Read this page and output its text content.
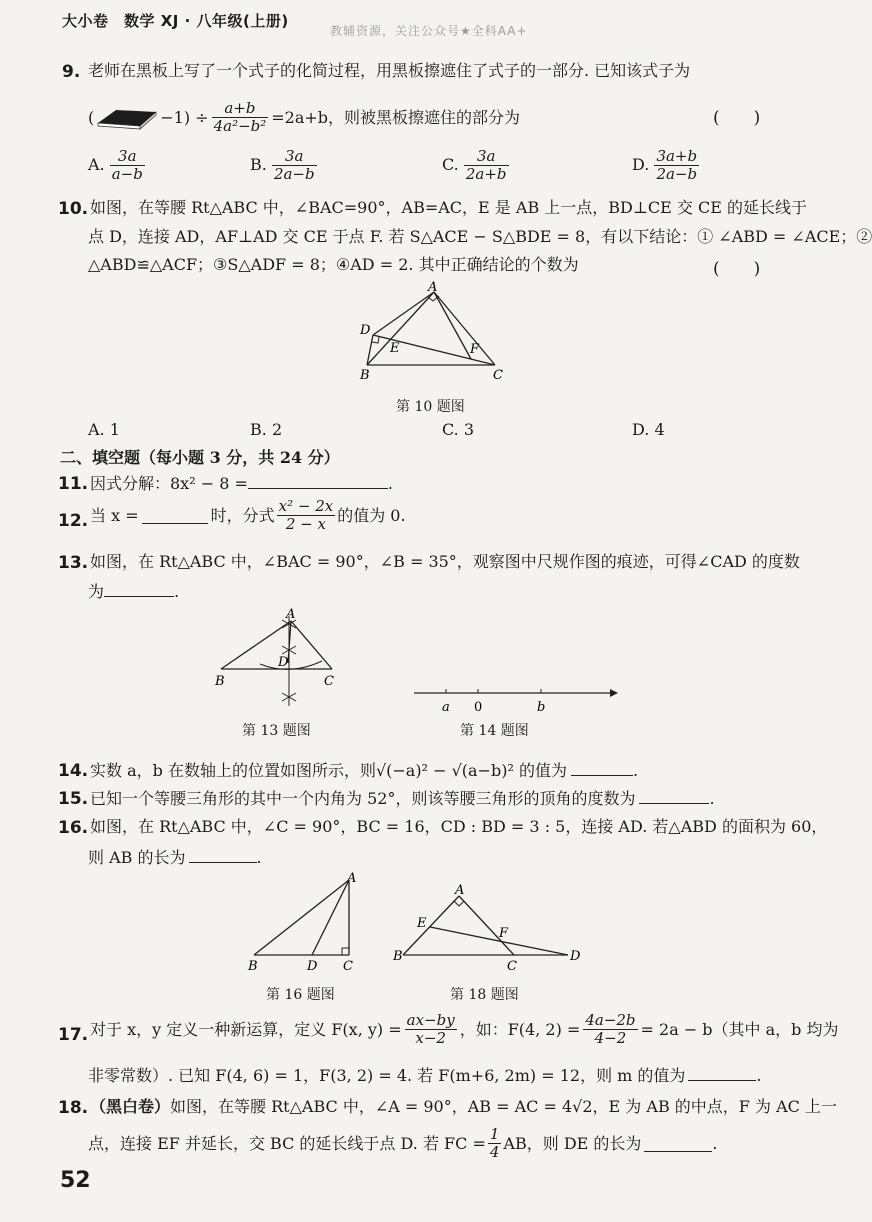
大小卷　数学 XJ · 八年级(上册)
教辅资源，关注公众号★全科AA+
9. 老师在黑板上写了一个式子的化简过程，用黑板擦遮住了式子的一部分. 已知该式子为
(	$-1) \div \frac{a+b}{\text{4a²−b²}} =2a+b$，则被黑板擦遮住的部分为	(　　)
A. $\frac{3a}{a-b}$	B. $\frac{3a}{2a-b}$	C. $\frac{3a}{2a+b}$	D. $\frac{3a+b}{2a-b}$
10. 如图，在等腰 Rt△ABC 中，∠BAC=90°，AB=AC，E 是 AB 上一点，BD⊥CE 交 CE 的延长线于
点 D，连接 AD，AF⊥AD 交 CE 于点 F. 若 S△ACE − S△BDE = 8，有以下结论：① ∠ABD = ∠ACE；②
△ABD≌△ACF；③S△ADF = 8；④AD = 2. 其中正确结论的个数为	(　　)
A
D
E	F
B	C
第 10 题图
A. 1	B. 2	C. 3	D. 4
二、填空题（每小题 3 分，共 24 分）
11. 因式分解：8x² − 8 =	.
12. 当 x =	时，分式 $\frac{\text{x² − 2x}}{2 - x}$ 的值为 0.
13. 如图，在 Rt△ABC 中，∠BAC = 90°，∠B = 35°，观察图中尺规作图的痕迹，可得∠CAD 的度数
为	.
A
D
B	C
第 13 题图
a 0	b
第 14 题图
14. 实数 a，b 在数轴上的位置如图所示，则√(−a)² − √(a−b)² 的值为	.
15. 已知一个等腰三角形的其中一个内角为 52°，则该等腰三角形的顶角的度数为	.
16. 如图，在 Rt△ABC 中，∠C = 90°，BC = 16，CD : BD = 3 : 5，连接 AD. 若△ABD 的面积为 60，
则 AB 的长为	.
A
B	D C
第 16 题图
A
E
F
B
C
D
第 18 题图
17. 对于 x，y 定义一种新运算，定义 F(x, $y) = \frac{ax-by}{x-2}$ ，如：F(4, $2) = \frac{4a-2b}{4-2} = 2a - b$（其中 a，b 均为
非零常数）. 已知 F(4, 6) = 1，F(3, 2) = 4. 若 F(m+6, 2m) = 12，则 m 的值为	.
18. （黑白卷）如图，在等腰 Rt△ABC 中，∠A = 90°，AB = AC = 4√2，E 为 AB 的中点，F 为 AC 上一
点，连接 EF 并延长，交 BC 的延长线于点 D. 若 FC = $\frac{1}{4}$ AB，则 DE 的长为	.
52
